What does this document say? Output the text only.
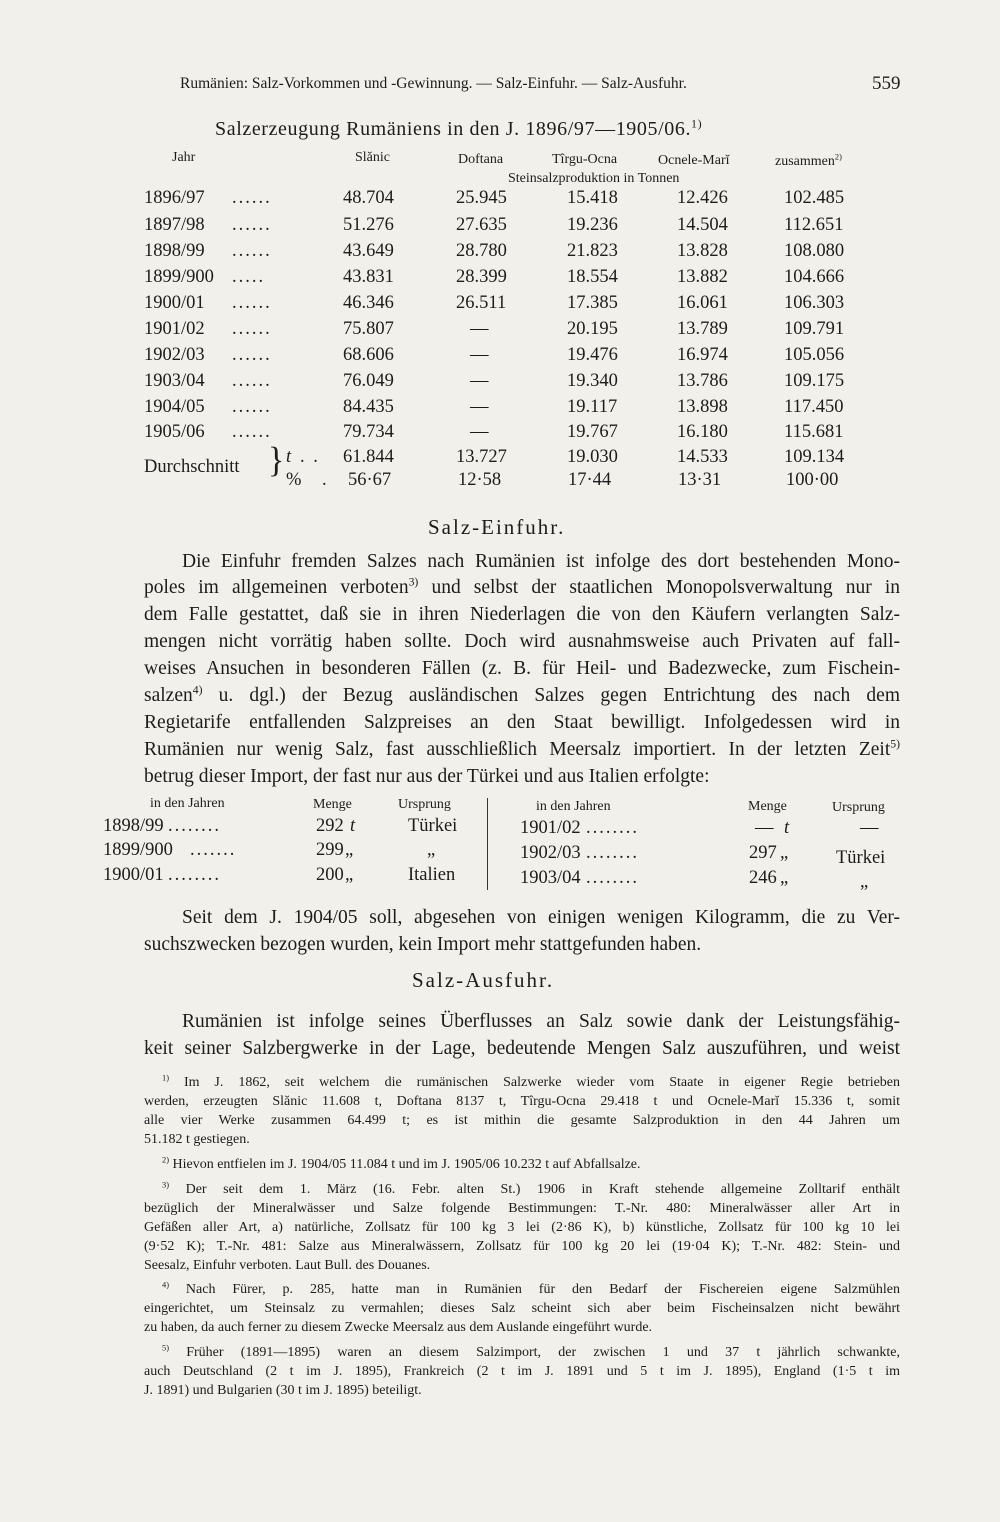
Rumänien: Salz-Vorkommen und -Gewinnung. — Salz-Einfuhr. — Salz-Ausfuhr.	559
Salzerzeugung Rumäniens in den J. 1896/97—1905/06.$^{1)}$
Jahr	Slănic	Doftana	Tîrgu-Ocna	Ocnele-Marĭ	zusammen$^{2)}$
Steinsalzproduktion in Tonnen
1896/97 ......	48.704	25.945	15.418	12.426	102.485
1897/98 ......	51.276	27.635	19.236	14.504	112.651
1898/99 ......	43.649	28.780	21.823	13.828	108.080
1899/900 .....	43.831	28.399	18.554	13.882	104.666
1900/01 ......	46.346	26.511	17.385	16.061	106.303
1901/02 ......	75.807	—	20.195	13.789	109.791
1902/03 ......	68.606	—	19.476	16.974	105.056
1903/04 ......	76.049	—	19.340	13.786	109.175
1904/05 ......	84.435	—	19.117	13.898	117.450
1905/06 ......	79.734	—	19.767	16.180	115.681
Durchschnitt } t . . 61.844	13.727	19.030	14.533	109.134
% . 56·67	12·58	17·44	13·31	100·00
Salz-Einfuhr.
Die Einfuhr fremden Salzes nach Rumänien ist infolge des dort bestehenden Mono-
poles im allgemeinen verboten$^{3)}$ und selbst der staatlichen Monopolsverwaltung nur in
dem Falle gestattet, daß sie in ihren Niederlagen die von den Käufern verlangten Salz-
mengen nicht vorrätig haben sollte. Doch wird ausnahmsweise auch Privaten auf fall-
weises Ansuchen in besonderen Fällen (z. B. für Heil- und Badezwecke, zum Fischein-
salzen$^{4)}$ u. dgl.) der Bezug ausländischen Salzes gegen Entrichtung des nach dem
Regietarife entfallenden Salzpreises an den Staat bewilligt. Infolgedessen wird in
Rumänien nur wenig Salz, fast ausschließlich Meersalz importiert. In der letzten Zeit$^{5)}$
betrug dieser Import, der fast nur aus der Türkei und aus Italien erfolgte:
in den Jahren	Menge	Ursprung	in den Jahren	Menge	Ursprung
1898/99 ........	292 t	Türkei
1899/900 .......	299 „	„
1900/01 ........	200 „	Italien
1901/02 ........	— t	—
1902/03 ........	297 „	Türkei
1903/04 ........	246 „	„
Seit dem J. 1904/05 soll, abgesehen von einigen wenigen Kilogramm, die zu Ver-
suchszwecken bezogen wurden, kein Import mehr stattgefunden haben.
Salz-Ausfuhr.
Rumänien ist infolge seines Überflusses an Salz sowie dank der Leistungsfähig-
keit seiner Salzbergwerke in der Lage, bedeutende Mengen Salz auszuführen, und weist
$^{1)}$ Im J. 1862, seit welchem die rumänischen Salzwerke wieder vom Staate in eigener Regie betrieben
werden, erzeugten Slănic 11.608 t, Doftana 8137 t, Tîrgu-Ocna 29.418 t und Ocnele-Marĭ 15.336 t, somit
alle vier Werke zusammen 64.499 t; es ist mithin die gesamte Salzproduktion in den 44 Jahren um
51.182 t gestiegen.
$^{2)}$ Hievon entfielen im J. 1904/05 11.084 t und im J. 1905/06 10.232 t auf Abfallsalze.
$^{3)}$ Der seit dem 1. März (16. Febr. alten St.) 1906 in Kraft stehende allgemeine Zolltarif enthält
bezüglich der Mineralwässer und Salze folgende Bestimmungen: T.-Nr. 480: Mineralwässer aller Art in
Gefäßen aller Art, a) natürliche, Zollsatz für 100 kg 3 lei (2·86 K), b) künstliche, Zollsatz für 100 kg 10 lei
(9·52 K); T.-Nr. 481: Salze aus Mineralwässern, Zollsatz für 100 kg 20 lei (19·04 K); T.-Nr. 482: Stein- und
Seesalz, Einfuhr verboten. Laut Bull. des Douanes.
$^{4)}$ Nach Fürer, p. 285, hatte man in Rumänien für den Bedarf der Fischereien eigene Salzmühlen
eingerichtet, um Steinsalz zu vermahlen; dieses Salz scheint sich aber beim Fischeinsalzen nicht bewährt
zu haben, da auch ferner zu diesem Zwecke Meersalz aus dem Auslande eingeführt wurde.
$^{5)}$ Früher (1891—1895) waren an diesem Salzimport, der zwischen 1 und 37 t jährlich schwankte,
auch Deutschland (2 t im J. 1895), Frankreich (2 t im J. 1891 und 5 t im J. 1895), England (1·5 t im
J. 1891) und Bulgarien (30 t im J. 1895) beteiligt.
